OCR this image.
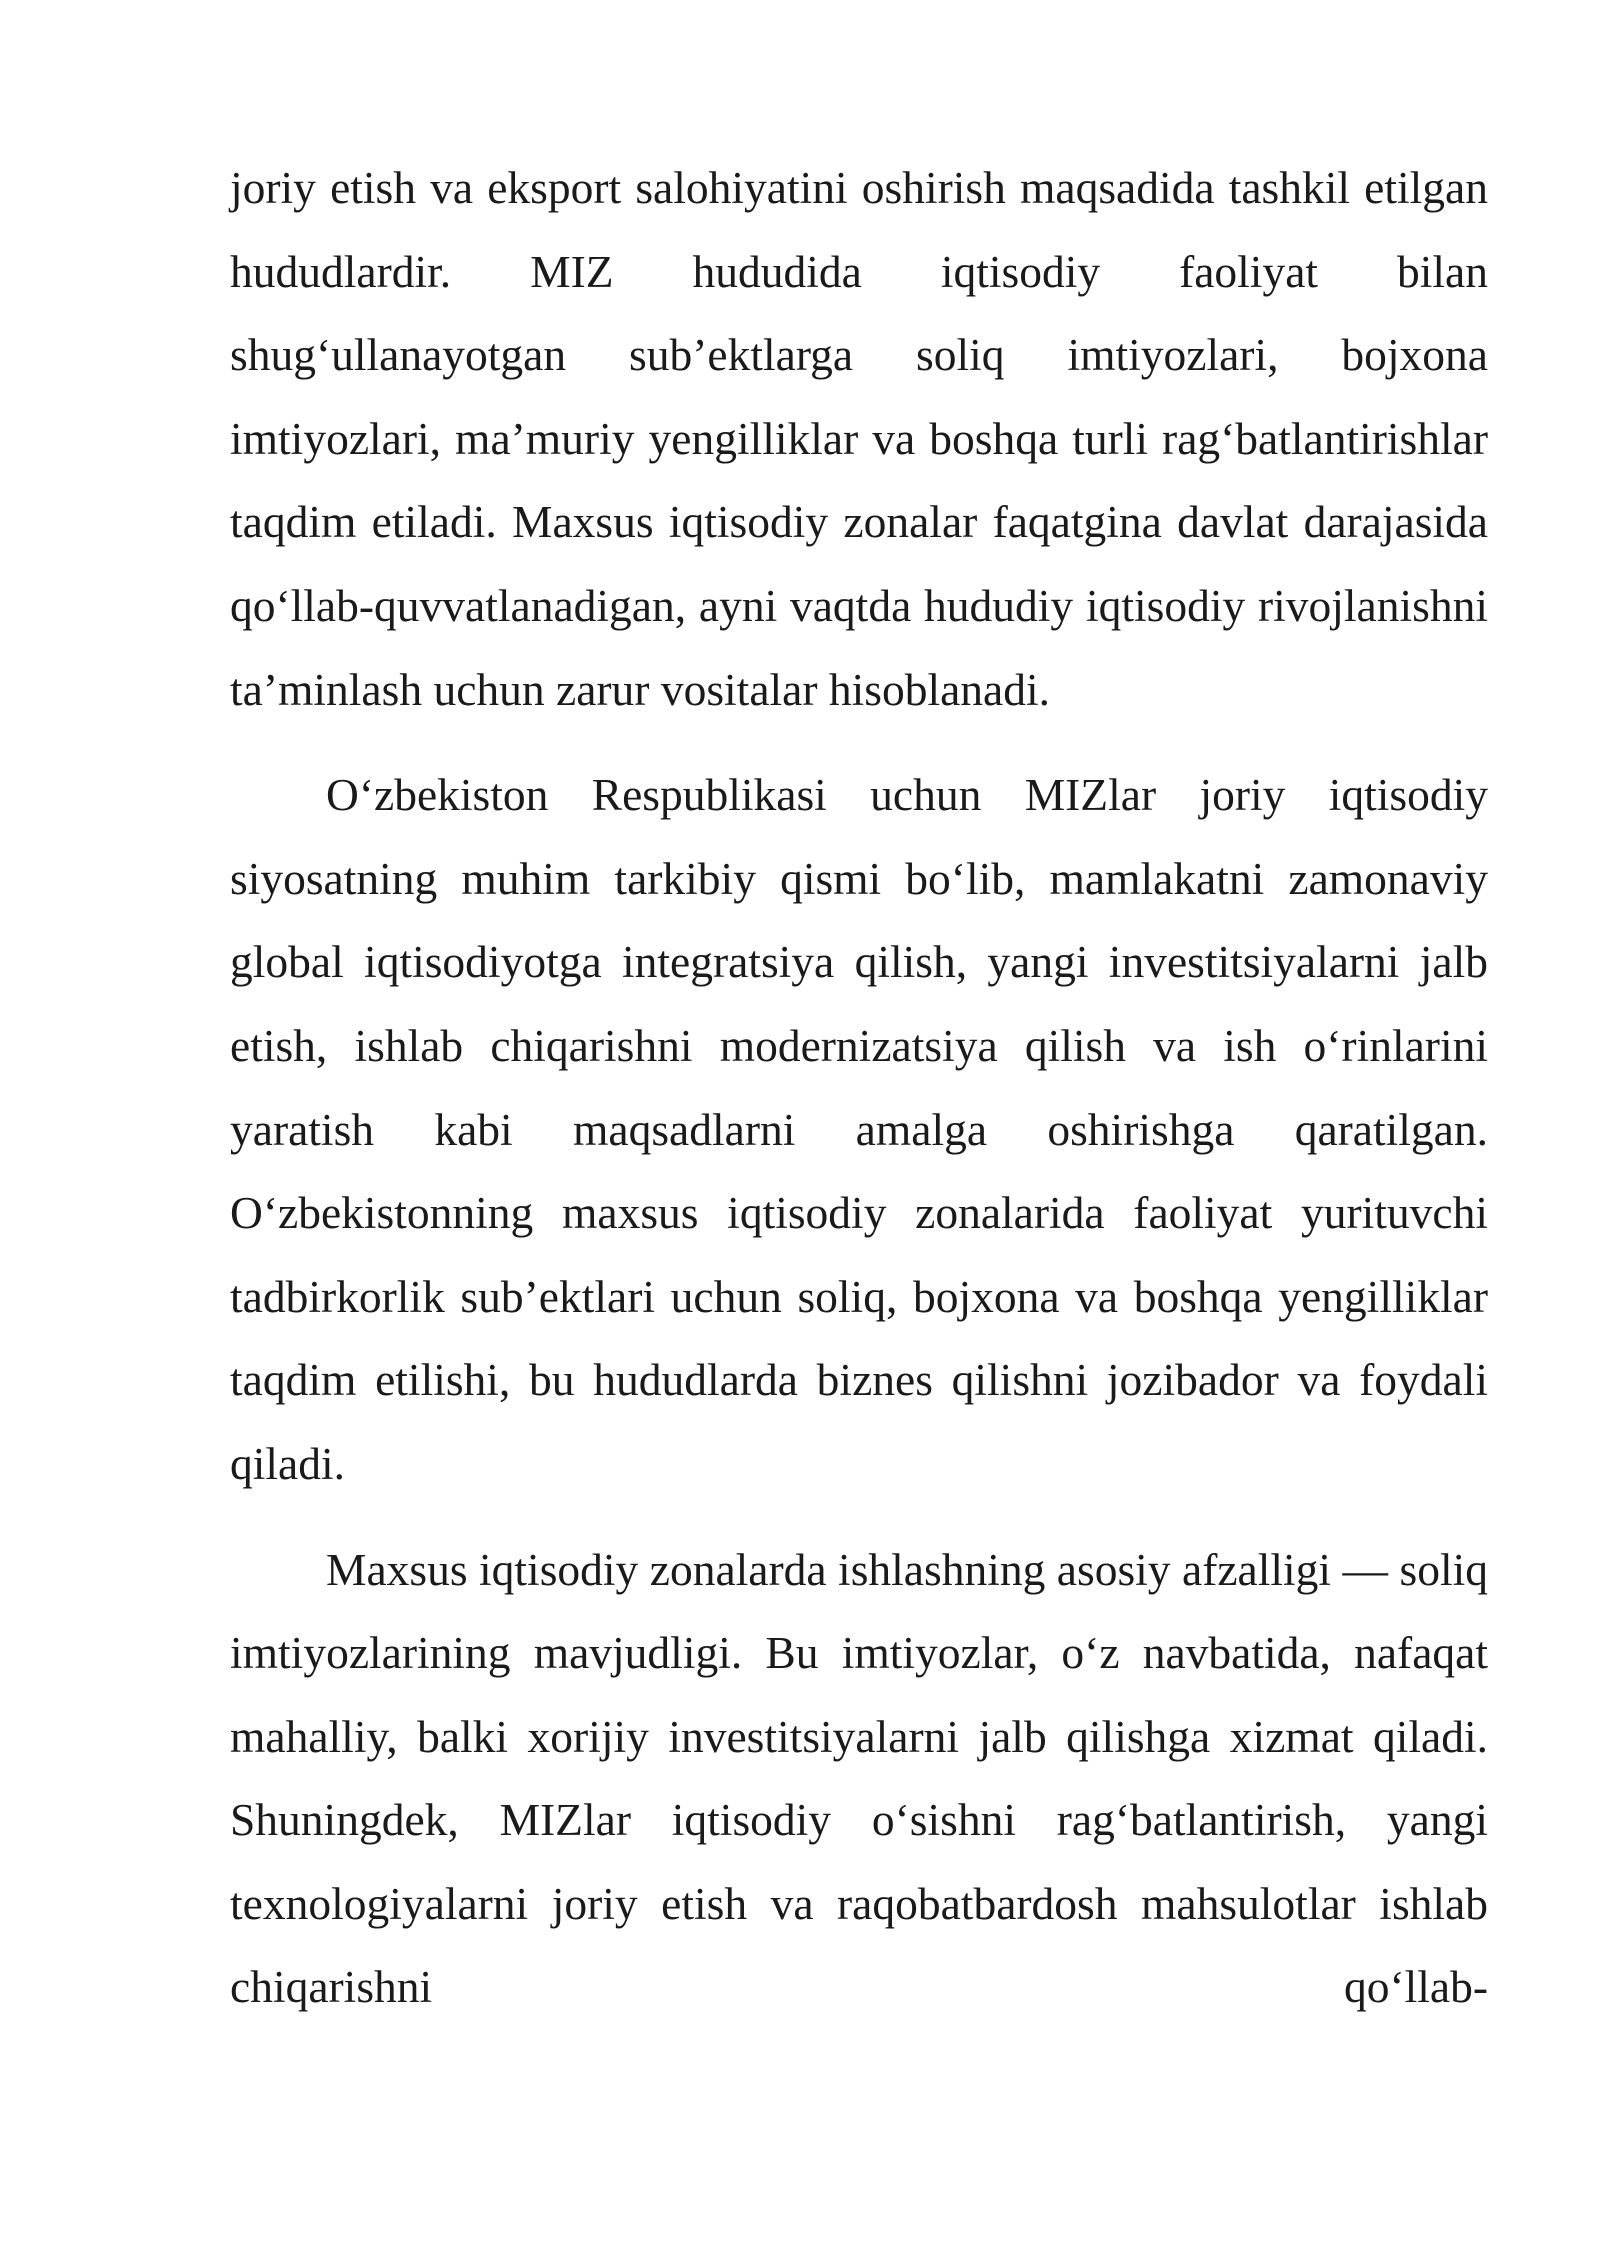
joriy etish va eksport salohiyatini oshirish maqsadida tashkil etilgan hududlardir. MIZ hududida iqtisodiy faoliyat bilan shug‘ullanayotgan sub’ektlarga soliq imtiyozlari, bojxona imtiyozlari, ma’muriy yengilliklar va boshqa turli rag‘batlantirishlar taqdim etiladi. Maxsus iqtisodiy zonalar faqatgina davlat darajasida qo‘llab-quvvatlanadigan, ayni vaqtda hududiy iqtisodiy rivojlanishni ta’minlash uchun zarur vositalar hisoblanadi.

O‘zbekiston Respublikasi uchun MIZlar joriy iqtisodiy siyosatning muhim tarkibiy qismi bo‘lib, mamlakatni zamonaviy global iqtisodiyotga integratsiya qilish, yangi investitsiyalarni jalb etish, ishlab chiqarishni modernizatsiya qilish va ish o‘rinlarini yaratish kabi maqsadlarni amalga oshirishga qaratilgan. O‘zbekistonning maxsus iqtisodiy zonalarida faoliyat yurituvchi tadbirkorlik sub’ektlari uchun soliq, bojxona va boshqa yengilliklar taqdim etilishi, bu hududlarda biznes qilishni jozibador va foydali qiladi.

Maxsus iqtisodiy zonalarda ishlashning asosiy afzalligi — soliq imtiyozlarining mavjudligi. Bu imtiyozlar, o‘z navbatida, nafaqat mahalliy, balki xorijiy investitsiyalarni jalb qilishga xizmat qiladi. Shuningdek, MIZlar iqtisodiy o‘sishni rag‘batlantirish, yangi texnologiyalarni joriy etish va raqobatbardosh mahsulotlar ishlab chiqarishni qo‘llab-
